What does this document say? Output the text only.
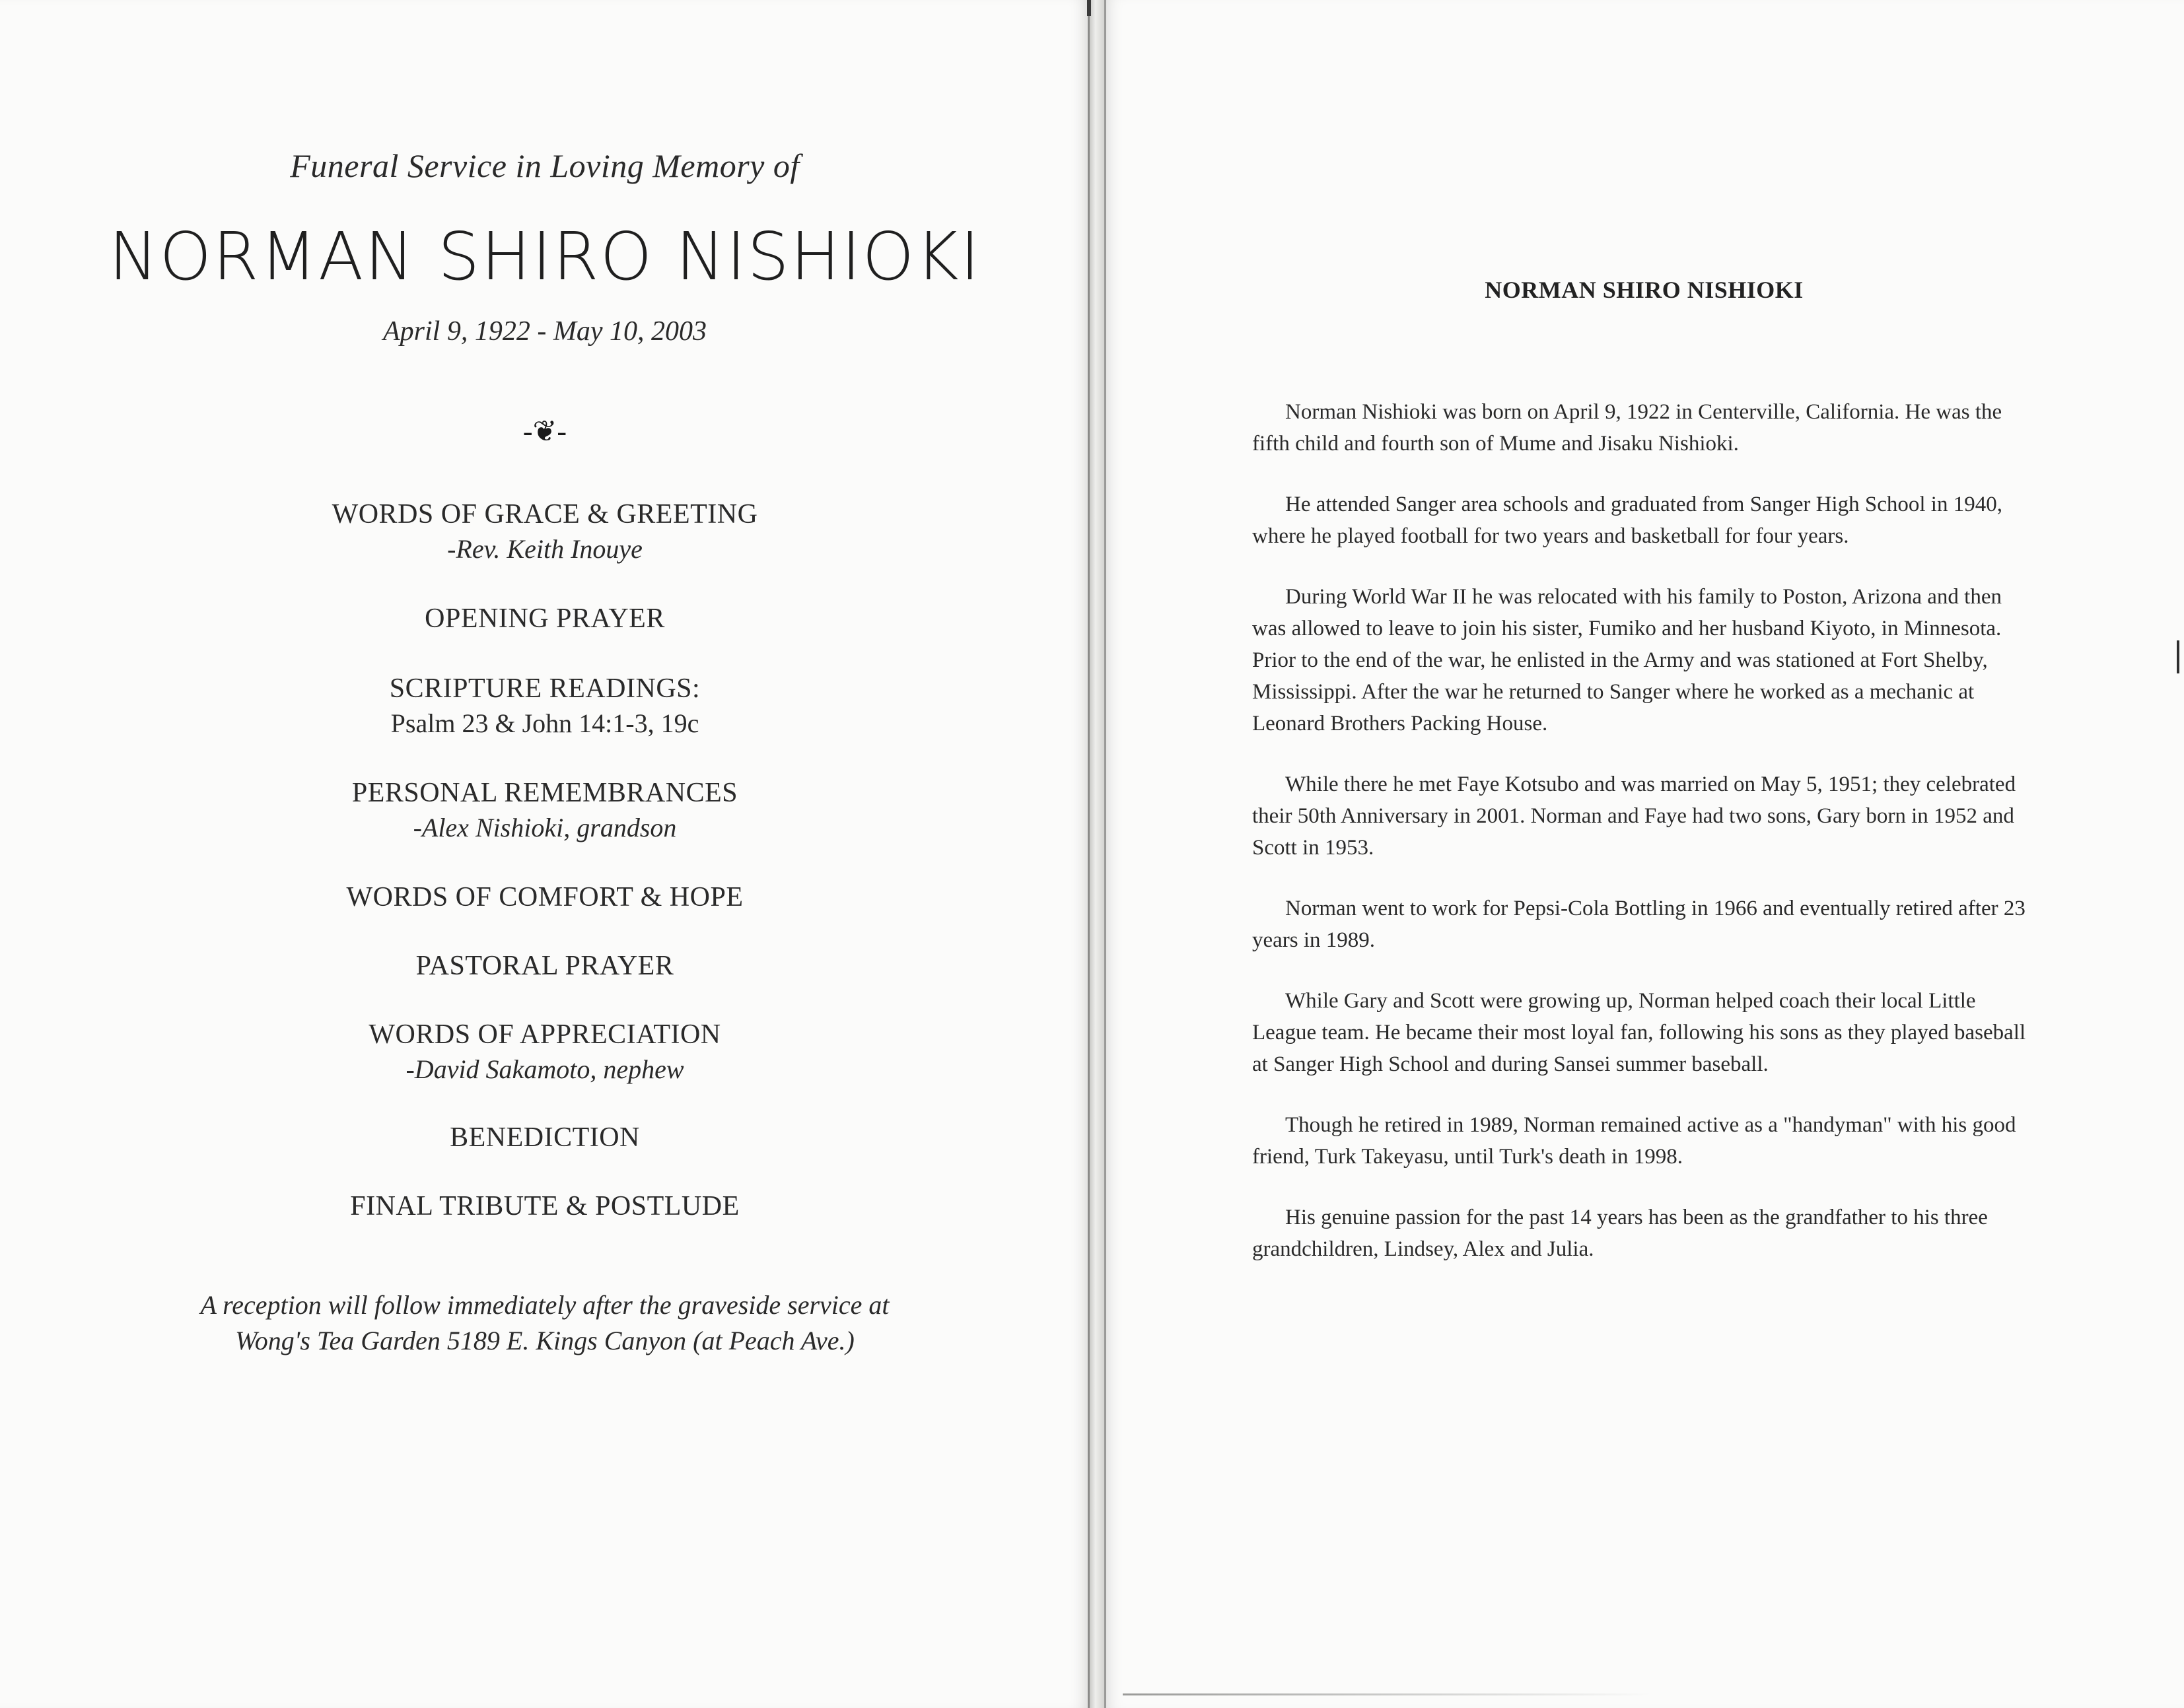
Funeral Service in Loving Memory of
NORMAN SHIRO NISHIOKI
April 9, 1922 - May 10, 2003
-❦-
WORDS OF GRACE & GREETING
-Rev. Keith Inouye
OPENING PRAYER
SCRIPTURE READINGS:
Psalm 23 & John 14:1-3, 19c
PERSONAL REMEMBRANCES
-Alex Nishioki, grandson
WORDS OF COMFORT & HOPE
PASTORAL PRAYER
WORDS OF APPRECIATION
-David Sakamoto, nephew
BENEDICTION
FINAL TRIBUTE & POSTLUDE
A reception will follow immediately after the graveside service at
Wong's Tea Garden 5189 E. Kings Canyon (at Peach Ave.)
NORMAN SHIRO NISHIOKI

Norman Nishioki was born on April 9, 1922 in Centerville, California. He was the fifth child and fourth son of Mume and Jisaku Nishioki.

He attended Sanger area schools and graduated from Sanger High School in 1940, where he played football for two years and basketball for four years.

During World War II he was relocated with his family to Poston, Arizona and then was allowed to leave to join his sister, Fumiko and her husband Kiyoto, in Minnesota. Prior to the end of the war, he enlisted in the Army and was stationed at Fort Shelby, Mississippi. After the war he returned to Sanger where he worked as a mechanic at Leonard Brothers Packing House.

While there he met Faye Kotsubo and was married on May 5, 1951; they celebrated their 50th Anniversary in 2001. Norman and Faye had two sons, Gary born in 1952 and Scott in 1953.

Norman went to work for Pepsi-Cola Bottling in 1966 and eventually retired after 23 years in 1989.

While Gary and Scott were growing up, Norman helped coach their local Little League team. He became their most loyal fan, following his sons as they played baseball at Sanger High School and during Sansei summer baseball.

Though he retired in 1989, Norman remained active as a "handyman" with his good friend, Turk Takeyasu, until Turk's death in 1998.

His genuine passion for the past 14 years has been as the grandfather to his three grandchildren, Lindsey, Alex and Julia.
